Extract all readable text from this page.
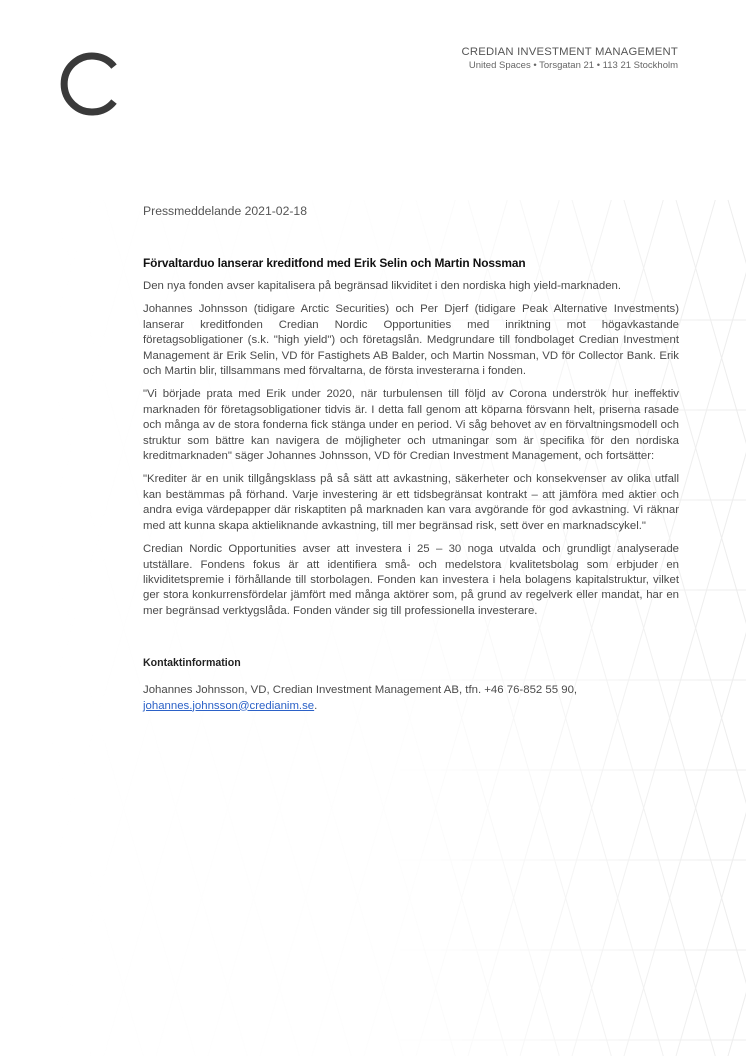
CREDIAN INVESTMENT MANAGEMENT
United Spaces • Torsgatan 21 • 113 21 Stockholm
Pressmeddelande 2021-02-18
Förvaltarduo lanserar kreditfond med Erik Selin och Martin Nossman

Den nya fonden avser kapitalisera på begränsad likviditet i den nordiska high yield-marknaden.

Johannes Johnsson (tidigare Arctic Securities) och Per Djerf (tidigare Peak Alternative Investments) lanserar kreditfonden Credian Nordic Opportunities med inriktning mot högavkastande företagsobligationer (s.k. "high yield") och företagslån. Medgrundare till fondbolaget Credian Investment Management är Erik Selin, VD för Fastighets AB Balder, och Martin Nossman, VD för Collector Bank. Erik och Martin blir, tillsammans med förvaltarna, de första investerarna i fonden.

"Vi började prata med Erik under 2020, när turbulensen till följd av Corona underströk hur ineffektiv marknaden för företagsobligationer tidvis är. I detta fall genom att köparna försvann helt, priserna rasade och många av de stora fonderna fick stänga under en period. Vi såg behovet av en förvaltningsmodell och struktur som bättre kan navigera de möjligheter och utmaningar som är specifika för den nordiska kreditmarknaden" säger Johannes Johnsson, VD för Credian Investment Management, och fortsätter:

"Krediter är en unik tillgångsklass på så sätt att avkastning, säkerheter och konsekvenser av olika utfall kan bestämmas på förhand. Varje investering är ett tidsbegränsat kontrakt – att jämföra med aktier och andra eviga värdepapper där riskaptiten på marknaden kan vara avgörande för god avkastning. Vi räknar med att kunna skapa aktieliknande avkastning, till mer begränsad risk, sett över en marknadscykel."

Credian Nordic Opportunities avser att investera i 25 – 30 noga utvalda och grundligt analyserade utställare. Fondens fokus är att identifiera små- och medelstora kvalitetsbolag som erbjuder en likviditetspremie i förhållande till storbolagen. Fonden kan investera i hela bolagens kapitalstruktur, vilket ger stora konkurrensfördelar jämfört med många aktörer som, på grund av regelverk eller mandat, har en mer begränsad verktygslåda. Fonden vänder sig till professionella investerare.

Kontaktinformation

Johannes Johnsson, VD, Credian Investment Management AB, tfn. +46 76-852 55 90,
johannes.johnsson@credianim.se.
